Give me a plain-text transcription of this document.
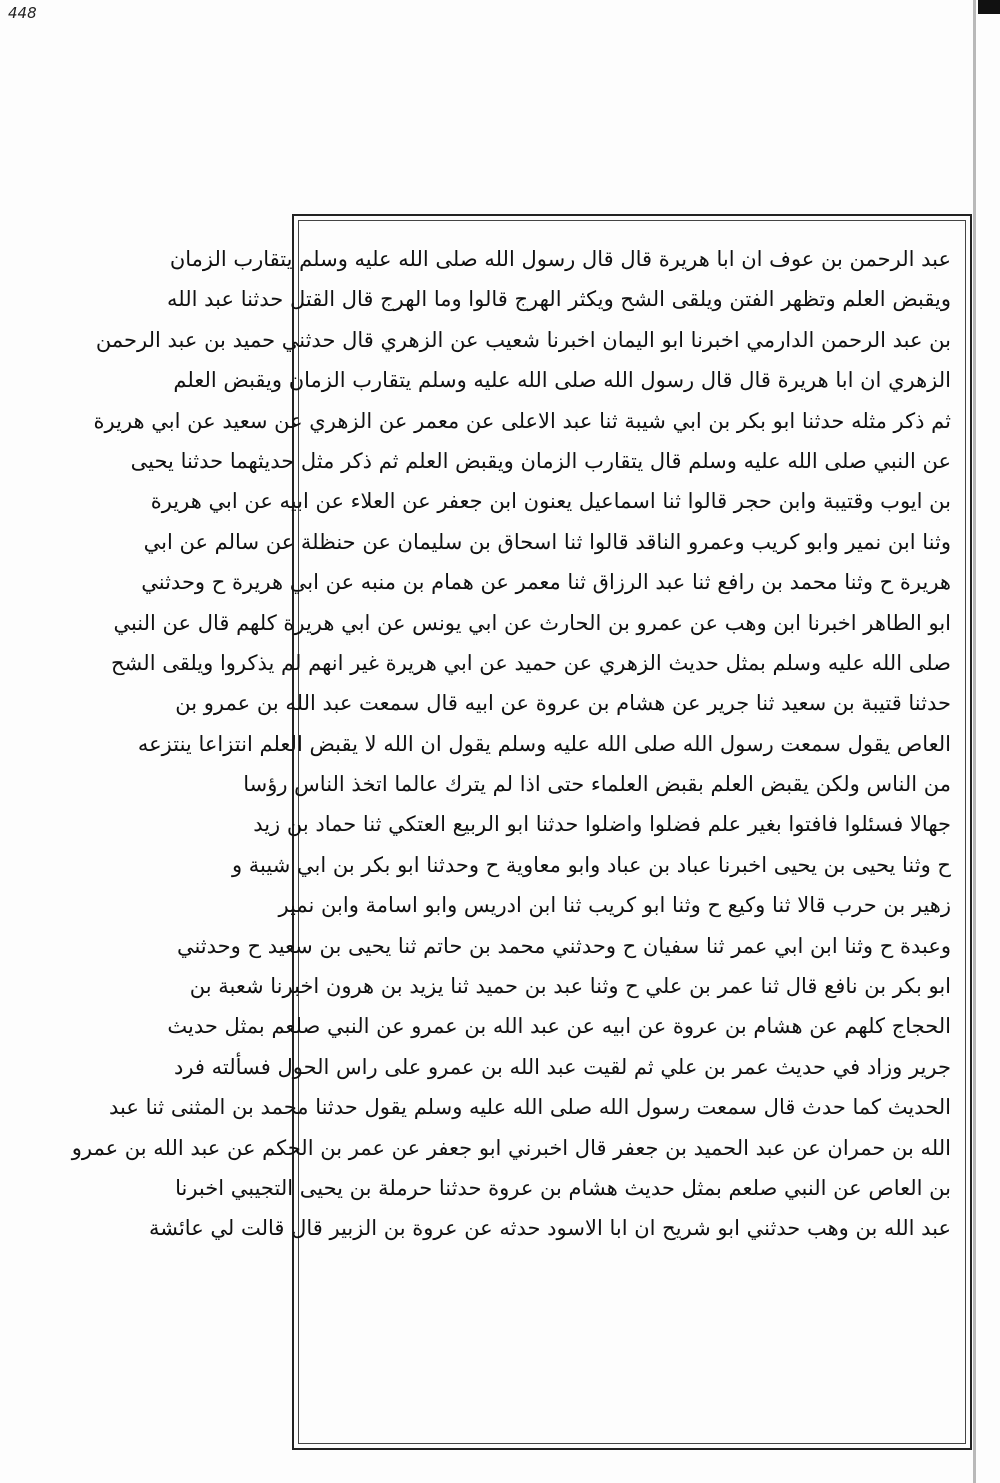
448
عبد الرحمن بن عوف ان ابا هريرة قال قال رسول الله صلى الله عليه وسلم يتقارب الزمان
ويقبض العلم وتظهر الفتن ويلقى الشح ويكثر الهرج قالوا وما الهرج قال القتل حدثنا عبد الله
بن عبد الرحمن الدارمي اخبرنا ابو اليمان اخبرنا شعيب عن الزهري قال حدثني حميد بن عبد الرحمن
الزهري ان ابا هريرة قال قال رسول الله صلى الله عليه وسلم يتقارب الزمان ويقبض العلم
ثم ذكر مثله حدثنا ابو بكر بن ابي شيبة ثنا عبد الاعلى عن معمر عن الزهري عن سعيد عن ابي هريرة
عن النبي صلى الله عليه وسلم قال يتقارب الزمان ويقبض العلم ثم ذكر مثل حديثهما حدثنا يحيى
بن ايوب وقتيبة وابن حجر قالوا ثنا اسماعيل يعنون ابن جعفر عن العلاء عن ابيه عن ابي هريرة
وثنا ابن نمير وابو كريب وعمرو الناقد قالوا ثنا اسحاق بن سليمان عن حنظلة عن سالم عن ابي
هريرة ح وثنا محمد بن رافع ثنا عبد الرزاق ثنا معمر عن همام بن منبه عن ابي هريرة ح وحدثني
ابو الطاهر اخبرنا ابن وهب عن عمرو بن الحارث عن ابي يونس عن ابي هريرة كلهم قال عن النبي
صلى الله عليه وسلم بمثل حديث الزهري عن حميد عن ابي هريرة غير انهم لم يذكروا ويلقى الشح
حدثنا قتيبة بن سعيد ثنا جرير عن هشام بن عروة عن ابيه قال سمعت عبد الله بن عمرو بن
العاص يقول سمعت رسول الله صلى الله عليه وسلم يقول ان الله لا يقبض العلم انتزاعا ينتزعه
من الناس ولكن يقبض العلم بقبض العلماء حتى اذا لم يترك عالما اتخذ الناس رؤسا
جهالا فسئلوا فافتوا بغير علم فضلوا واضلوا حدثنا ابو الربيع العتكي ثنا حماد بن زيد
ح وثنا يحيى بن يحيى اخبرنا عباد بن عباد وابو معاوية ح وحدثنا ابو بكر بن ابي شيبة و
زهير بن حرب قالا ثنا وكيع ح وثنا ابو كريب ثنا ابن ادريس وابو اسامة وابن نمير
وعبدة ح وثنا ابن ابي عمر ثنا سفيان ح وحدثني محمد بن حاتم ثنا يحيى بن سعيد ح وحدثني
ابو بكر بن نافع قال ثنا عمر بن علي ح وثنا عبد بن حميد ثنا يزيد بن هرون اخبرنا شعبة بن
الحجاج كلهم عن هشام بن عروة عن ابيه عن عبد الله بن عمرو عن النبي صلعم بمثل حديث
جرير وزاد في حديث عمر بن علي ثم لقيت عبد الله بن عمرو على راس الحول فسألته فرد
الحديث كما حدث قال سمعت رسول الله صلى الله عليه وسلم يقول حدثنا محمد بن المثنى ثنا عبد
الله بن حمران عن عبد الحميد بن جعفر قال اخبرني ابو جعفر عن عمر بن الحكم عن عبد الله بن عمرو
بن العاص عن النبي صلعم بمثل حديث هشام بن عروة حدثنا حرملة بن يحيى التجيبي اخبرنا
عبد الله بن وهب حدثني ابو شريح ان ابا الاسود حدثه عن عروة بن الزبير قال قالت لي عائشة
